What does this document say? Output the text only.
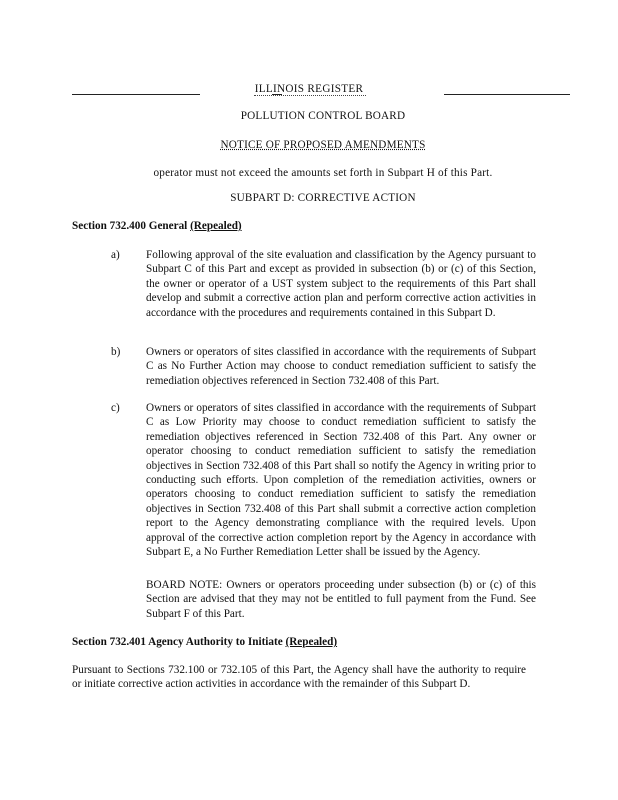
ILLINOIS REGISTER
POLLUTION CONTROL BOARD
NOTICE OF PROPOSED AMENDMENTS
operator must not exceed the amounts set forth in Subpart H of this Part.
SUBPART D: CORRECTIVE ACTION
Section 732.400 General (Repealed)
a) Following approval of the site evaluation and classification by the Agency pursuant to Subpart C of this Part and except as provided in subsection (b) or (c) of this Section, the owner or operator of a UST system subject to the requirements of this Part shall develop and submit a corrective action plan and perform corrective action activities in accordance with the procedures and requirements contained in this Subpart D.
b) Owners or operators of sites classified in accordance with the requirements of Subpart C as No Further Action may choose to conduct remediation sufficient to satisfy the remediation objectives referenced in Section 732.408 of this Part.
c) Owners or operators of sites classified in accordance with the requirements of Subpart C as Low Priority may choose to conduct remediation sufficient to satisfy the remediation objectives referenced in Section 732.408 of this Part. Any owner or operator choosing to conduct remediation sufficient to satisfy the remediation objectives in Section 732.408 of this Part shall so notify the Agency in writing prior to conducting such efforts. Upon completion of the remediation activities, owners or operators choosing to conduct remediation sufficient to satisfy the remediation objectives in Section 732.408 of this Part shall submit a corrective action completion report to the Agency demonstrating compliance with the required levels. Upon approval of the corrective action completion report by the Agency in accordance with Subpart E, a No Further Remediation Letter shall be issued by the Agency.
BOARD NOTE: Owners or operators proceeding under subsection (b) or (c) of this Section are advised that they may not be entitled to full payment from the Fund. See Subpart F of this Part.
Section 732.401 Agency Authority to Initiate (Repealed)
Pursuant to Sections 732.100 or 732.105 of this Part, the Agency shall have the authority to require or initiate corrective action activities in accordance with the remainder of this Subpart D.
